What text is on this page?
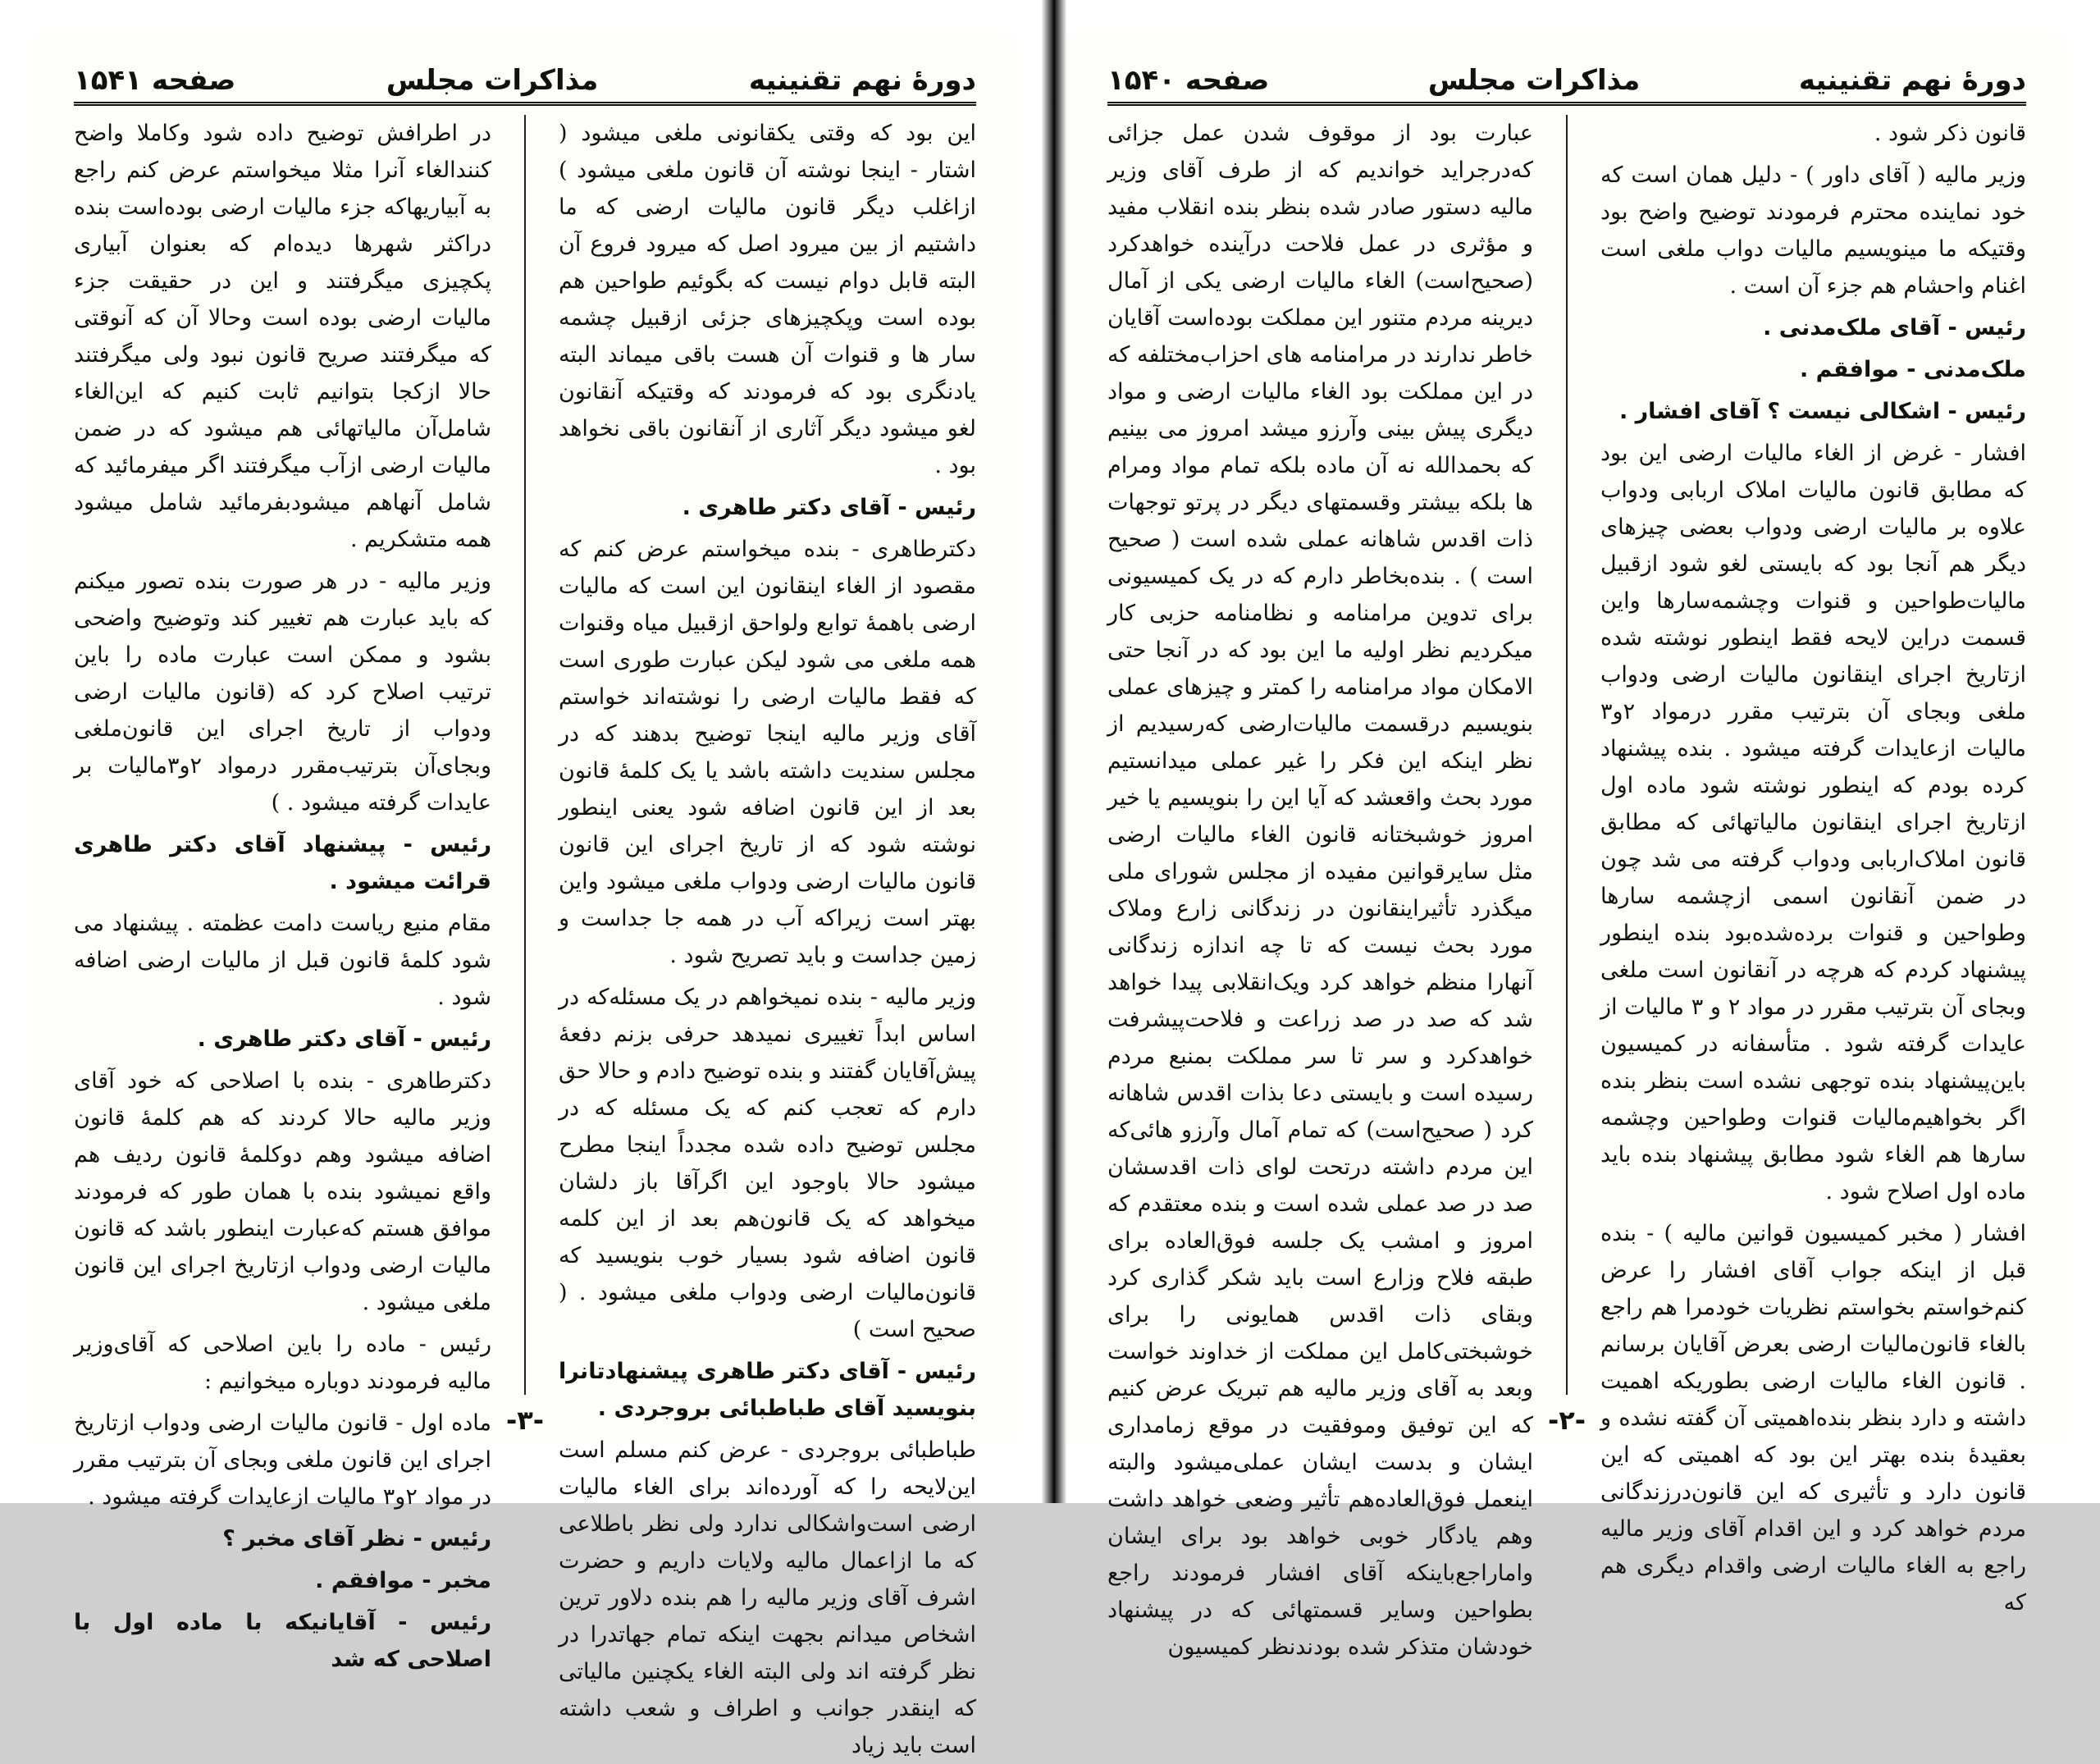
دورهٔ نهم تقنینیه
مذاکرات مجلس
صفحه ۱۵۴۱

این بود که وقتی یکقانونی ملغی میشود ( اشتار - اینجا نوشته آن قانون ملغی میشود ) ازاغلب دیگر قانون مالیات ارضی که ما داشتیم از بین میرود اصل که میرود فروع آن البته قابل دوام نیست که بگوئیم طواحین هم بوده است وپکچیزهای جزئی ازقبیل چشمه سار ها و قنوات آن هست باقی میماند البته یادنگری بود که فرمودند که وقتیکه آنقانون لغو میشود دیگر آثاری از آنقانون باقی نخواهد بود .

رئیس - آقای دکتر طاهری .

دکترطاهری - بنده میخواستم عرض کنم که مقصود از الغاء اینقانون این است که مالیات ارضی باهمهٔ توابع ولواحق ازقبیل میاه وقنوات همه ملغی می شود لیکن عبارت طوری است که فقط مالیات ارضی را نوشته‌اند خواستم آقای وزیر مالیه اینجا توضیح بدهند که در مجلس سندیت داشته باشد یا یک کلمهٔ قانون بعد از این قانون اضافه شود یعنی اینطور نوشته شود که از تاریخ اجرای این قانون قانون مالیات ارضی ودواب ملغی میشود واین بهتر است زیراکه آب در همه جا جداست و زمین جداست و باید تصریح شود .

وزیر مالیه - بنده نمیخواهم در یک مسئله‌که در اساس ابداً تغییری نمیدهد حرفی بزنم دفعهٔ پیش‌آقایان گفتند و بنده توضیح دادم و حالا حق دارم که تعجب کنم که یک مسئله که در مجلس توضیح داده شده مجدداً اینجا مطرح میشود حالا باوجود این اگرآقا باز دلشان میخواهد که یک قانون‌هم بعد از این کلمه قانون اضافه شود بسیار خوب بنویسید که قانون‌مالیات ارضی ودواب ملغی میشود . ( صحیح است )

رئیس - آقای دکتر طاهری پیشنهادتانرا بنویسید آقای طباطبائی بروجردی .

طباطبائی بروجردی - عرض کنم مسلم است این‌لایحه را که آورده‌اند برای الغاء مالیات ارضی است‌واشکالی ندارد ولی نظر باطلاعی که ما ازاعمال مالیه ولایات داریم و حضرت اشرف آقای وزیر مالیه را هم بنده دلاور ترین اشخاص میدانم بجهت اینکه تمام جهاتدرا در نظر گرفته اند ولی البته الغاء یکچنین مالیاتی که اینقدر جوانب و اطراف و شعب داشته است باید زیاد

در اطرافش توضیح داده شود وکاملا واضح کنندالغاء آنرا مثلا میخواستم عرض کنم راجع به آبیاریهاکه جزء مالیات ارضی بوده‌است بنده دراکثر شهرها دیده‌ام که بعنوان آبیاری پکچیزی میگرفتند و این در حقیقت جزء مالیات ارضی بوده است وحالا آن که آنوقتی که میگرفتند صریح قانون نبود ولی میگرفتند حالا ازکجا بتوانیم ثابت کنیم که این‌الغاء شامل‌آن مالیاتهائی هم میشود که در ضمن مالیات ارضی ازآب میگرفتند اگر میفرمائید که شامل آنهاهم میشودبفرمائید شامل میشود همه متشکریم .

وزیر مالیه - در هر صورت بنده تصور میکنم که باید عبارت هم تغییر کند وتوضیح واضحی بشود و ممکن است عبارت ماده را باین ترتیب اصلاح کرد که (قانون مالیات ارضی ودواب از تاریخ اجرای این قانون‌ملغی وبجای‌آن بترتیب‌مقرر درمواد ۲و۳مالیات بر عایدات گرفته میشود . )

رئیس - پیشنهاد آقای دکتر طاهری قرائت میشود .

مقام منیع ریاست دامت عظمته . پیشنهاد می شود کلمهٔ قانون قبل از مالیات ارضی اضافه شود .

رئیس - آقای دکتر طاهری .

دکترطاهری - بنده با اصلاحی که خود آقای وزیر مالیه حالا کردند که هم کلمهٔ قانون اضافه میشود وهم دوکلمهٔ قانون ردیف هم واقع نمیشود بنده با همان طور که فرمودند موافق هستم که‌عبارت اینطور باشد که قانون مالیات ارضی ودواب ازتاریخ اجرای این قانون ملغی میشود .

رئیس - ماده را باین اصلاحی که آقای‌وزیر مالیه فرمودند دوباره میخوانیم :

ماده اول - قانون مالیات ارضی ودواب ازتاریخ اجرای این قانون ملغی وبجای آن بترتیب مقرر در مواد ۲و۳ مالیات ازعایدات گرفته میشود .

رئیس - نظر آقای مخبر ؟

مخبر - موافقم .

رئیس - آقایانیکه با ماده اول با اصلاحی که شد

-۳-
دورهٔ نهم تقنینیه
مذاکرات مجلس
صفحه ۱۵۴۰

قانون ذکر شود .

وزیر مالیه ( آقای داور ) - دلیل همان است که خود نماینده محترم فرمودند توضیح واضح بود وقتیکه ما مینویسیم مالیات دواب ملغی است اغنام واحشام هم جزء آن است .

رئیس - آقای ملک‌مدنی .

ملک‌مدنی - موافقم .

رئیس - اشکالی نیست ؟ آقای افشار .

افشار - غرض از الغاء مالیات ارضی این بود که مطابق قانون مالیات املاک اربابی ودواب علاوه بر مالیات ارضی ودواب بعضی چیزهای دیگر هم آنجا بود که بایستی لغو شود ازقبیل مالیات‌طواحین و قنوات وچشمه‌سارها واین قسمت دراین لایحه فقط اینطور نوشته شده ازتاریخ اجرای اینقانون مالیات ارضی ودواب ملغی وبجای آن بترتیب مقرر درمواد ۲و۳ مالیات ازعایدات گرفته میشود . بنده پیشنهاد کرده بودم که اینطور نوشته شود ماده اول ازتاریخ اجرای اینقانون مالیاتهائی که مطابق قانون املاک‌اربابی ودواب گرفته می شد چون در ضمن آنقانون اسمی ازچشمه سارها وطواحین و قنوات برده‌شده‌بود بنده اینطور پیشنهاد کردم که هرچه در آنقانون است ملغی وبجای آن بترتیب مقرر در مواد ۲ و ۳ مالیات از عایدات گرفته شود . متأسفانه در کمیسیون باین‌پیشنهاد بنده توجهی نشده است بنظر بنده اگر بخواهیم‌مالیات قنوات وطواحین وچشمه سارها هم الغاء شود مطابق پیشنهاد بنده باید ماده اول اصلاح شود .

افشار ( مخبر کمیسیون قوانین مالیه ) - بنده قبل از اینکه جواب آقای افشار را عرض کنم‌خواستم بخواستم نظریات خودمرا هم راجع بالغاء قانون‌مالیات ارضی بعرض آقایان برسانم . قانون الغاء مالیات ارضی بطوریکه اهمیت داشته و دارد بنظر بنده‌اهمیتی آن گفته نشده و بعقیدهٔ بنده بهتر این بود که اهمیتی که این قانون دارد و تأثیری که این قانون‌درزندگانی مردم خواهد کرد و این اقدام آقای وزیر مالیه راجع به الغاء مالیات ارضی واقدام دیگری هم که

عبارت بود از موقوف شدن عمل جزائی که‌درجراید خواندیم که از طرف آقای وزیر مالیه دستور صادر شده بنظر بنده انقلاب مفید و مؤثری در عمل فلاحت درآینده خواهدکرد (صحیح‌است) الغاء مالیات ارضی یکی از آمال دیرینه مردم متنور این مملکت بوده‌است آقایان خاطر ندارند در مرامنامه های احزاب‌مختلفه که در این مملکت بود الغاء مالیات ارضی و مواد دیگری پیش بینی وآرزو میشد امروز می بینیم که بحمدالله نه آن ماده بلکه تمام مواد ومرام ها بلکه بیشتر وقسمتهای دیگر در پرتو توجهات ذات اقدس شاهانه عملی شده است ( صحیح است ) . بنده‌بخاطر دارم که در یک کمیسیونی برای تدوین مرامنامه و نظامنامه حزبی کار میکردیم نظر اولیه ما این بود که در آنجا حتی الامکان مواد مرامنامه را کمتر و چیزهای عملی بنویسیم درقسمت مالیات‌ارضی که‌رسیدیم از نظر اینکه این فکر را غیر عملی میدانستیم مورد بحث واقعشد که آیا این را بنویسیم یا خیر امروز خوشبختانه قانون الغاء مالیات ارضی مثل سایرقوانین مفیده از مجلس شورای ملی میگذرد تأثیراینقانون در زندگانی زارع وملاک مورد بحث نیست که تا چه اندازه زندگانی آنهارا منظم خواهد کرد ویک‌انقلابی پیدا خواهد شد که صد در صد زراعت و فلاحت‌پیشرفت خواهدکرد و سر تا سر مملکت بمنبع مردم رسیده است و بایستی دعا بذات اقدس شاهانه کرد ( صحیح‌است) که تمام آمال وآرزو هائی‌که این مردم داشته درتحت لوای ذات اقدسشان صد در صد عملی شده است و بنده معتقدم که امروز و امشب یک جلسه فوق‌العاده برای طبقه فلاح وزارع است باید شکر گذاری کرد وبقای ذات اقدس همایونی را برای خوشبختی‌کامل این مملکت از خداوند خواست وبعد به آقای وزیر مالیه هم تبریک عرض کنیم که این توفیق وموفقیت در موقع زمامداری ایشان و بدست ایشان عملی‌میشود والبته اینعمل فوق‌العاده‌هم تأثیر وضعی خواهد داشت وهم یادگار خوبی خواهد بود برای ایشان واماراجع‌باینکه آقای افشار فرمودند راجع بطواحین وسایر قسمتهائی که در پیشنهاد خودشان متذکر شده بودند‌نظر کمیسیون

-۲-
